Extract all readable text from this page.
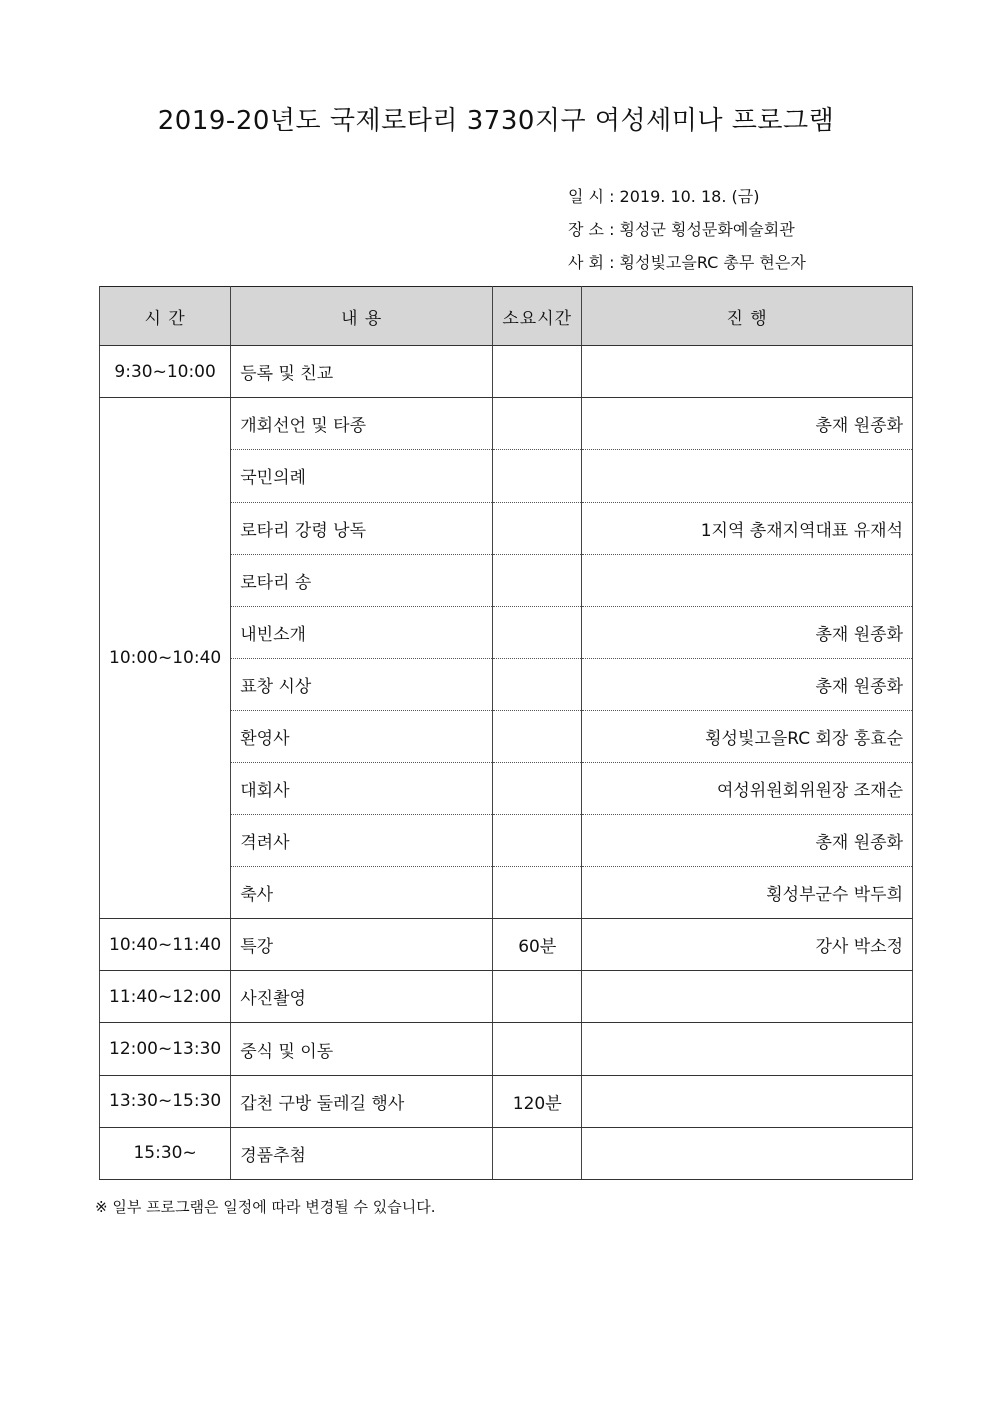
2019-20년도 국제로타리 3730지구 여성세미나 프로그램
일 시 : 2019. 10. 18. (금)
장 소 : 횡성군 횡성문화예술회관
사 회 : 횡성빛고을RC 총무 현은자
시 간	내 용	소요시간	진 행
9:30~10:00	등록 및 친교		
10:00~10:40	개회선언 및 타종		총재 원종화
	국민의례		
	로타리 강령 낭독		1지역 총재지역대표 유재석
	로타리 송		
	내빈소개		총재 원종화
	표창 시상		총재 원종화
	환영사		횡성빛고을RC 회장 홍효순
	대회사		여성위원회위원장 조재순
	격려사		총재 원종화
	축사		횡성부군수 박두희
10:40~11:40	특강	60분	강사 박소정
11:40~12:00	사진촬영		
12:00~13:30	중식 및 이동		
13:30~15:30	갑천 구방 둘레길 행사	120분	
15:30~	경품추첨		
※ 일부 프로그램은 일정에 따라 변경될 수 있습니다.
